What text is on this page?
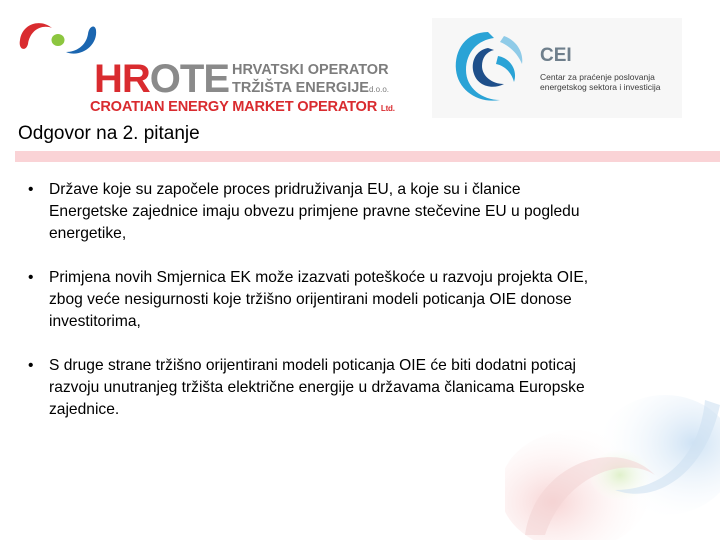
HROTE HRVATSKI OPERATOR
TRŽIŠTA ENERGIJEd.o.o.
CROATIAN ENERGY MARKET OPERATOR Ltd.
CEI
Centar za praćenje poslovanja
energetskog sektora i investicija
Odgovor na 2. pitanje
• Države koje su započele proces pridruživanja EU, a koje su i članice
Energetske zajednice imaju obvezu primjene pravne stečevine EU u pogledu
energetike,
• Primjena novih Smjernica EK može izazvati poteškoće u razvoju projekta OIE,
zbog veće nesigurnosti koje tržišno orijentirani modeli poticanja OIE donose
investitorima,
• S druge strane tržišno orijentirani modeli poticanja OIE će biti dodatni poticaj
razvoju unutranjeg tržišta električne energije u državama članicama Europske
zajednice.
